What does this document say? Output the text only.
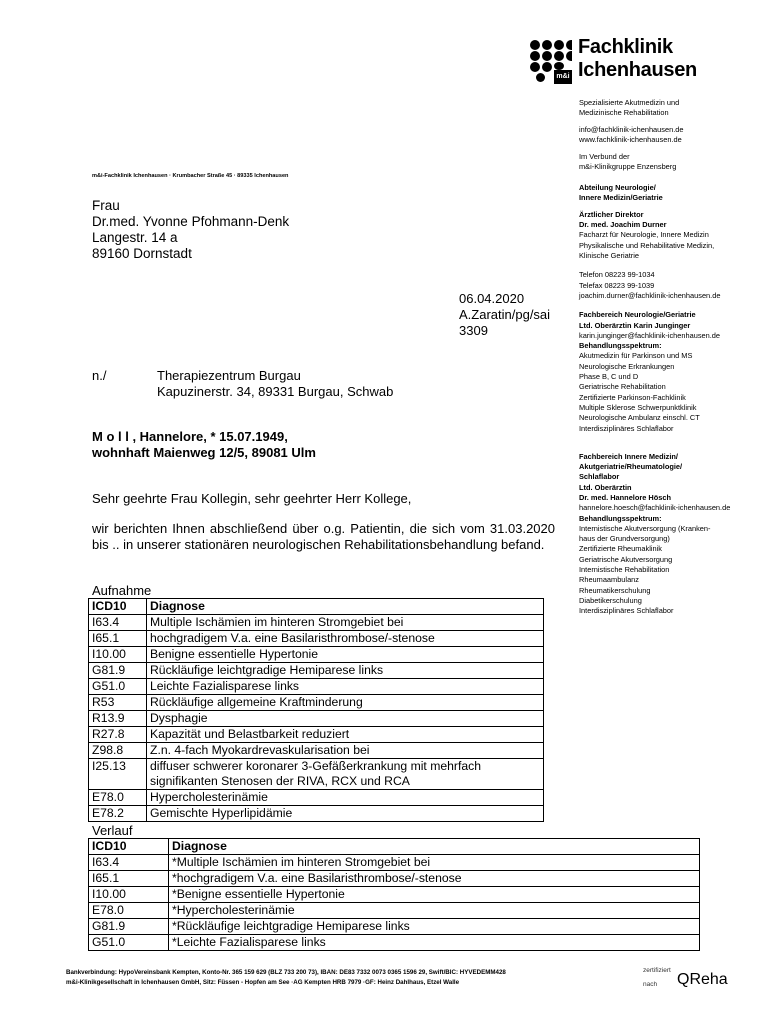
m&i
Fachklinik
Ichenhausen
Spezialisierte Akutmedizin und
Medizinische Rehabilitation
info@fachklinik-ichenhausen.de
www.fachklinik-ichenhausen.de
Im Verbund der
m&i-Klinikgruppe Enzensberg
Abteilung Neurologie/
Innere Medizin/Geriatrie
Ärztlicher Direktor
Dr. med. Joachim Durner
Facharzt für Neurologie, Innere Medizin
Physikalische und Rehabilitative Medizin,
Klinische Geriatrie
Telefon 08223 99-1034
Telefax 08223 99-1039
joachim.durner@fachklinik-ichenhausen.de
Fachbereich Neurologie/Geriatrie
Ltd. Oberärztin Karin Junginger
karin.junginger@fachklinik-ichenhausen.de
Behandlungsspektrum:
Akutmedizin für Parkinson und MS
Neurologische Erkrankungen
Phase B, C und D
Geriatrische Rehabilitation
Zertifizierte Parkinson-Fachklinik
Multiple Sklerose Schwerpunktklinik
Neurologische Ambulanz einschl. CT
Interdisziplinäres Schlaflabor
Fachbereich Innere Medizin/
Akutgeriatrie/Rheumatologie/
Schlaflabor
Ltd. Oberärztin
Dr. med. Hannelore Hösch
hannelore.hoesch@fachklinik-ichenhausen.de
Behandlungsspektrum:
Internistische Akutversorgung (Kranken-
haus der Grundversorgung)
Zertifizierte Rheumaklinik
Geriatrische Akutversorgung
Internistische Rehabilitation
Rheumaambulanz
Rheumatikerschulung
Diabetikerschulung
Interdisziplinäres Schlaflabor
m&i-Fachklinik Ichenhausen · Krumbacher Straße 45 · 89335 Ichenhausen
Frau
Dr.med. Yvonne Pfohmann-Denk
Langestr. 14 a
89160 Dornstadt
06.04.2020
A.Zaratin/pg/sai
3309
n./	Therapiezentrum Burgau
Kapuzinerstr. 34, 89331 Burgau, Schwab
M o l l , Hannelore, * 15.07.1949,
wohnhaft Maienweg 12/5, 89081 Ulm
Sehr geehrte Frau Kollegin, sehr geehrter Herr Kollege,
wir berichten Ihnen abschließend über o.g. Patientin, die sich vom 31.03.2020 bis .. in unserer stationären neurologischen Rehabilitationsbehandlung befand.
Aufnahme
ICD10	Diagnose
I63.4	Multiple Ischämien im hinteren Stromgebiet bei
I65.1	hochgradigem V.a. eine Basilaristhrombose/-stenose
I10.00	Benigne essentielle Hypertonie
G81.9	Rückläufige leichtgradige Hemiparese links
G51.0	Leichte Fazialisparese links
R53	Rückläufige allgemeine Kraftminderung
R13.9	Dysphagie
R27.8	Kapazität und Belastbarkeit reduziert
Z98.8	Z.n. 4-fach Myokardrevaskularisation bei
I25.13	diffuser schwerer koronarer 3-Gefäßerkrankung mit mehrfach signifikanten Stenosen der RIVA, RCX und RCA
E78.0	Hypercholesterinämie
E78.2	Gemischte Hyperlipidämie
Verlauf
ICD10	Diagnose
I63.4	*Multiple Ischämien im hinteren Stromgebiet bei
I65.1	*hochgradigem V.a. eine Basilaristhrombose/-stenose
I10.00	*Benigne essentielle Hypertonie
E78.0	*Hypercholesterinämie
G81.9	*Rückläufige leichtgradige Hemiparese links
G51.0	*Leichte Fazialisparese links
Bankverbindung: HypoVereinsbank Kempten, Konto-Nr. 365 159 629 (BLZ 733 200 73), IBAN: DE83 7332 0073 0365 1596 29, Swift/BIC: HYVEDEMM428
m&i-Klinikgesellschaft in Ichenhausen GmbH, Sitz: Füssen - Hopfen am See ·AG Kempten HRB 7979 ·GF: Heinz Dahlhaus, Etzel Walle
zertifiziert
nach QReha
